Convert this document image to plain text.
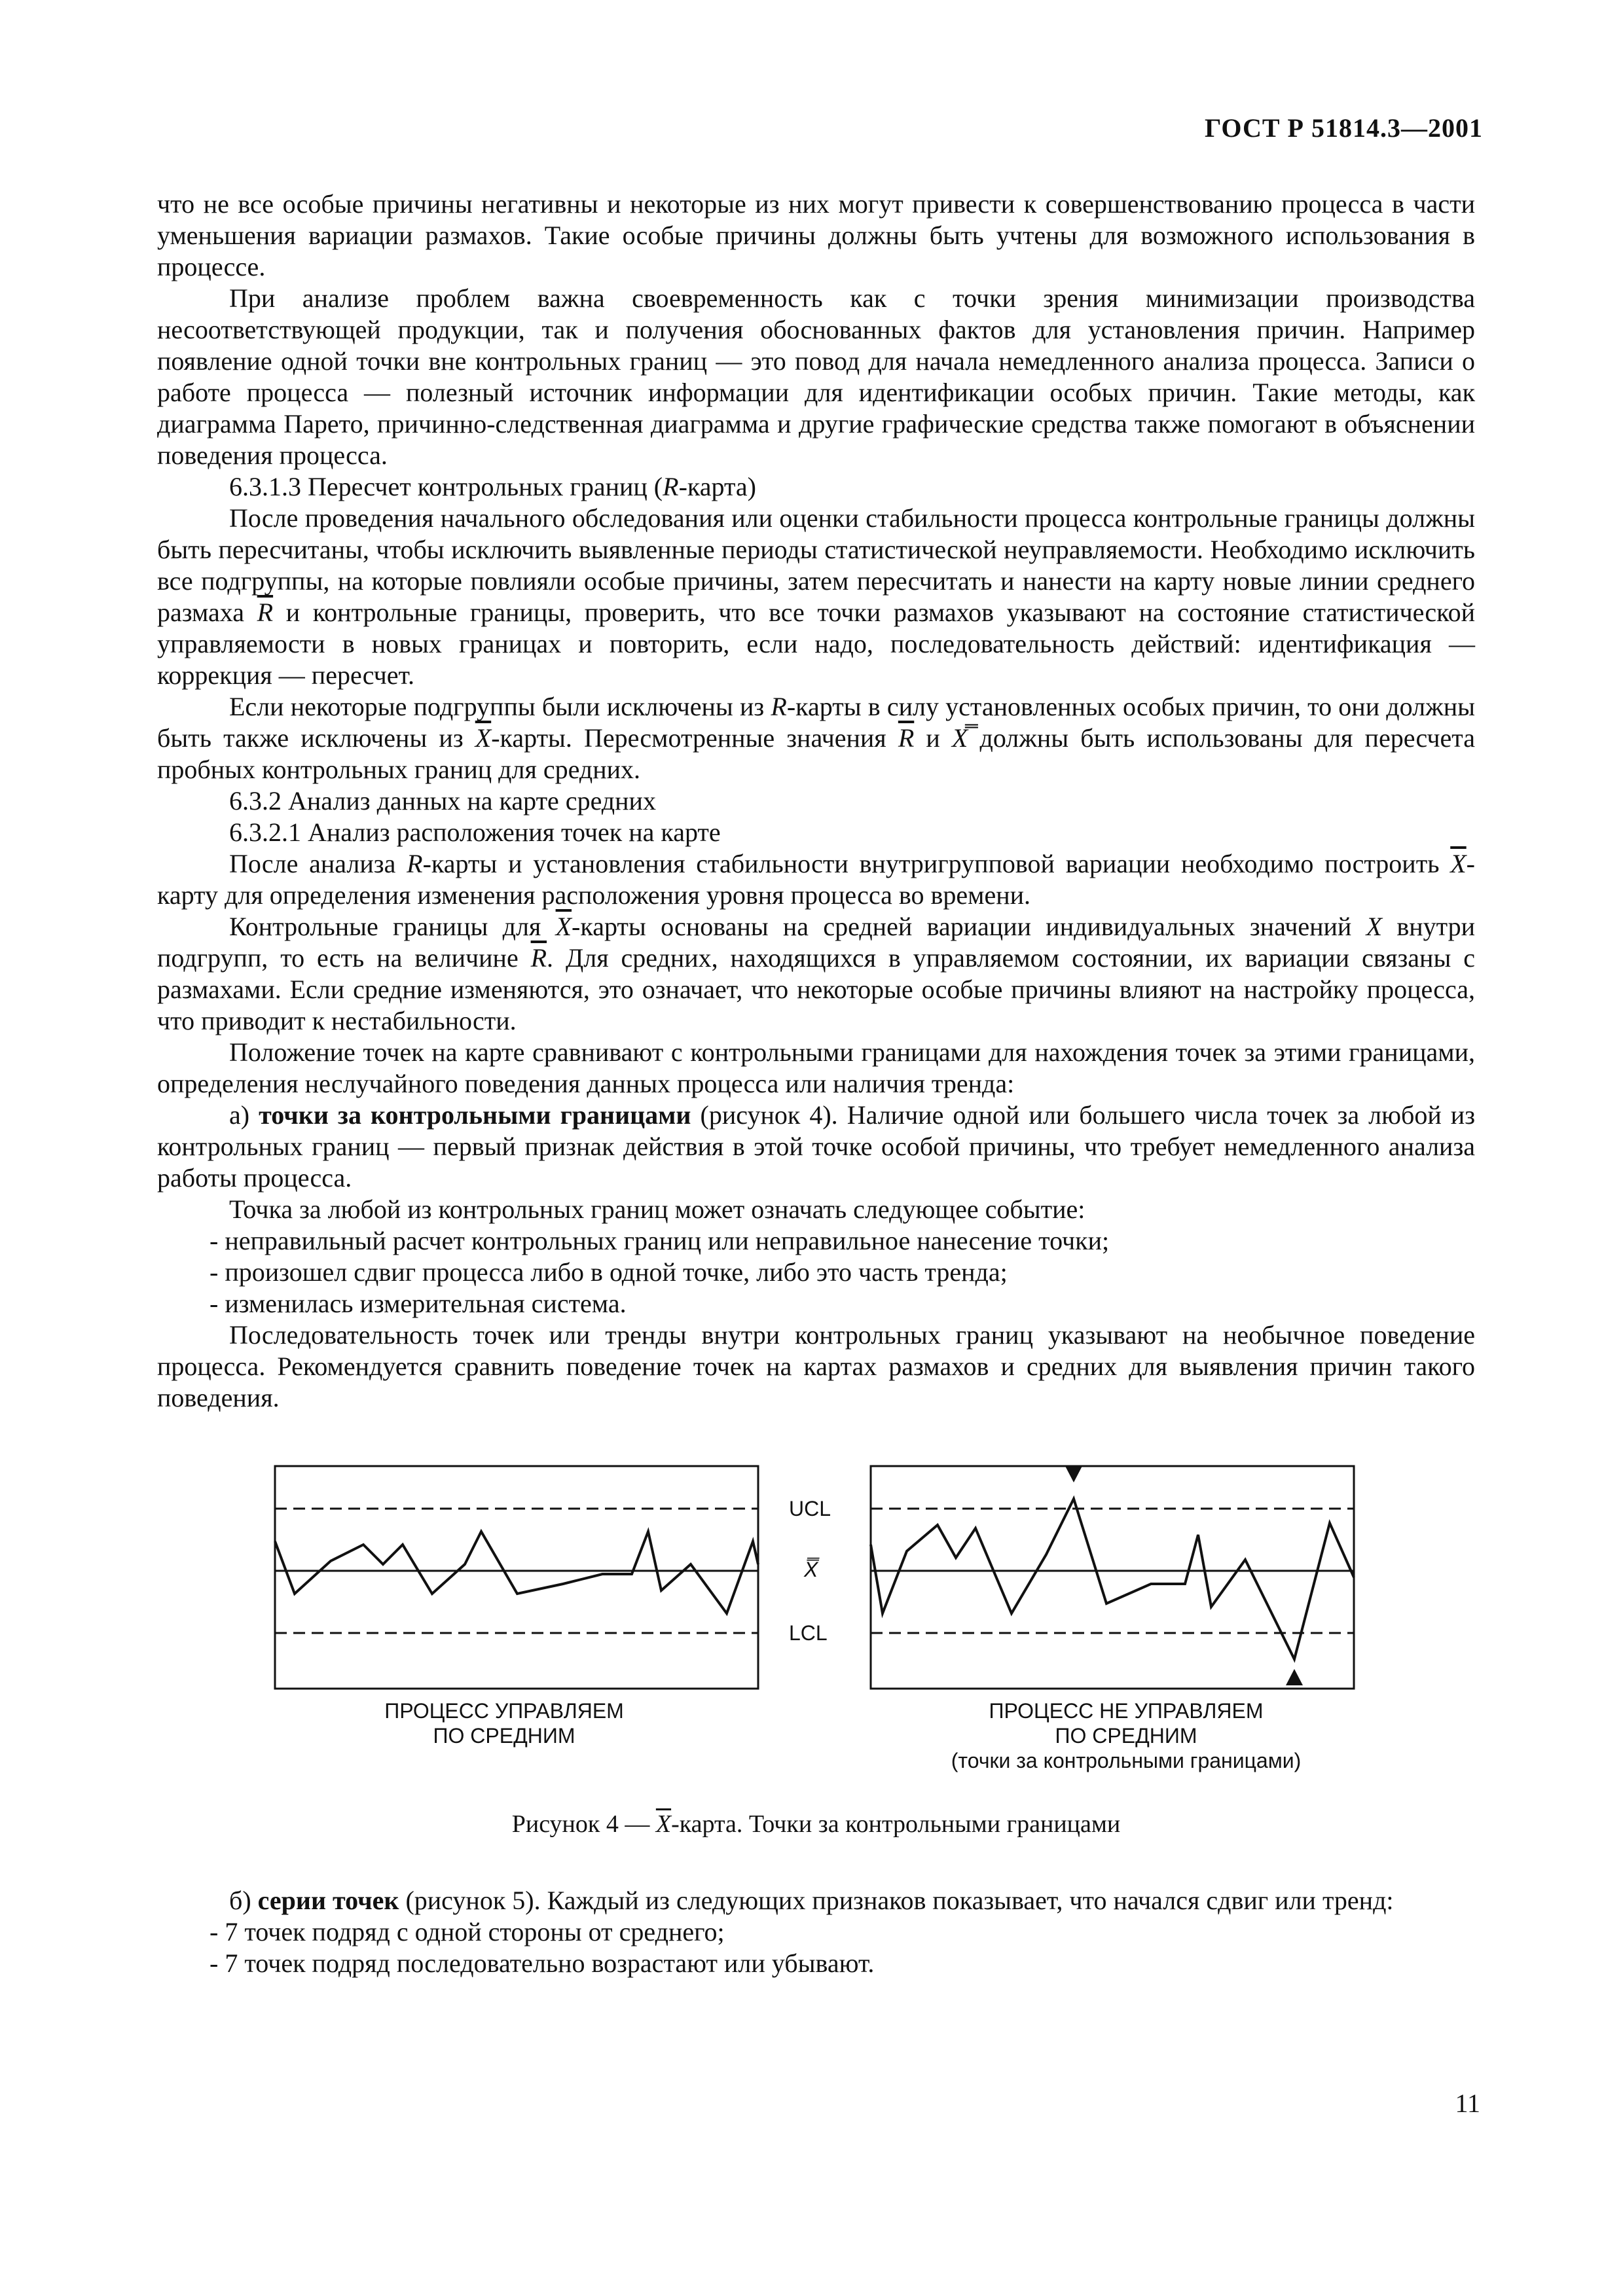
ГОСТ Р 51814.3—2001

что не все особые причины негативны и некоторые из них могут привести к совершенствованию процесса в части уменьшения вариации размахов. Такие особые причины должны быть учтены для возможного использования в процессе.

При анализе проблем важна своевременность как с точки зрения минимизации производства несоответствующей продукции, так и получения обоснованных фактов для установления причин. Например появление одной точки вне контрольных границ — это повод для начала немедленного анализа процесса. Записи о работе процесса — полезный источник информации для идентификации особых причин. Такие методы, как диаграмма Парето, причинно-следственная диаграмма и другие графические средства также помогают в объяснении поведения процесса.

6.3.1.3 Пересчет контрольных границ (R-карта)

После проведения начального обследования или оценки стабильности процесса контрольные границы должны быть пересчитаны, чтобы исключить выявленные периоды статистической неуправляемости. Необходимо исключить все подгруппы, на которые повлияли особые причины, затем пересчитать и нанести на карту новые линии среднего размаха $\overline{R}$ и контрольные границы, проверить, что все точки размахов указывают на состояние статистической управляемости в новых границах и повторить, если надо, последовательность действий: идентификация — коррекция — пересчет.

Если некоторые подгруппы были исключены из R-карты в силу установленных особых причин, то они должны быть также исключены из $\overline{X}$-карты. Пересмотренные значения $\overline{R}$ и X̿ должны быть использованы для пересчета пробных контрольных границ для средних.

6.3.2 Анализ данных на карте средних

6.3.2.1 Анализ расположения точек на карте

После анализа R-карты и установления стабильности внутригрупповой вариации необходимо построить $\overline{X}$-карту для определения изменения расположения уровня процесса во времени.

Контрольные границы для $\overline{X}$-карты основаны на средней вариации индивидуальных значений X внутри подгрупп, то есть на величине $\overline{R}$. Для средних, находящихся в управляемом состоянии, их вариации связаны с размахами. Если средние изменяются, это означает, что некоторые особые причины влияют на настройку процесса, что приводит к нестабильности.

Положение точек на карте сравнивают с контрольными границами для нахождения точек за этими границами, определения неслучайного поведения данных процесса или наличия тренда:

а) точки за контрольными границами (рисунок 4). Наличие одной или большего числа точек за любой из контрольных границ — первый признак действия в этой точке особой причины, что требует немедленного анализа работы процесса.

Точка за любой из контрольных границ может означать следующее событие:

- неправильный расчет контрольных границ или неправильное нанесение точки;

- произошел сдвиг процесса либо в одной точке, либо это часть тренда;

- изменилась измерительная система.

Последовательность точек или тренды внутри контрольных границ указывают на необычное поведение процесса. Рекомендуется сравнить поведение точек на картах размахов и средних для выявления причин такого поведения.

UCL
X̿
LCL
ПРОЦЕСС УПРАВЛЯЕМ
ПО СРЕДНИМ
ПРОЦЕСС НЕ УПРАВЛЯЕМ
ПО СРЕДНИМ
(точки за контрольными границами)
Рисунок 4 — $\overline{X}$-карта. Точки за контрольными границами

б) серии точек (рисунок 5). Каждый из следующих признаков показывает, что начался сдвиг или тренд:

- 7 точек подряд с одной стороны от среднего;

- 7 точек подряд последовательно возрастают или убывают.

11
